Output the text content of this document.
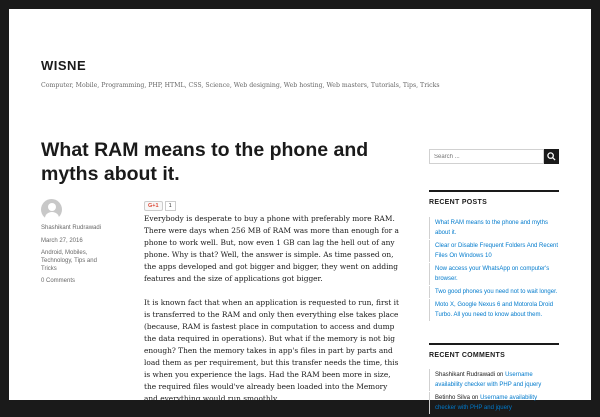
WISNE

Computer, Mobile, Programming, PHP, HTML, CSS, Science, Web designing, Web hosting, Web masters, Tutorials, Tips, Tricks

What RAM means to the phone and myths about it.

Shashikant Rudrawadi

March 27, 2016

Android, Mobiles, Technology, Tips and Tricks

0 Comments

G+1	1

Everybody is desperate to buy a phone with preferably more RAM. There were days when 256 MB of RAM was more than enough for a phone to work well. But, now even 1 GB can lag the hell out of any phone. Why is that? Well, the answer is simple. As time passed on, the apps developed and got bigger and bigger, they went on adding features and the size of applications got bigger.

It is known fact that when an application is requested to run, first it is transferred to the RAM and only then everything else takes place (because, RAM is fastest place in computation to access and dump the data required in operations). But what if the memory is not big enough? Then the memory takes in app's files in part by parts and load them as per requirement, but this transfer needs the time, this is when you experience the lags. Had the RAM been more in size, the required files would've already been loaded into the Memory and everything would run smoothly.

Search ...
RECENT POSTS
What RAM means to the phone and myths about it.
Clear or Disable Frequent Folders And Recent Files On Windows 10
Now access your WhatsApp on computer's browser.
Two good phones you need not to wait longer.
Moto X, Google Nexus 6 and Motorola Droid Turbo. All you need to know about them.
RECENT COMMENTS
Shashikant Rudrawadi on Username availability checker with PHP and jquery
Betinho Silva on Username availability checker with PHP and jquery
